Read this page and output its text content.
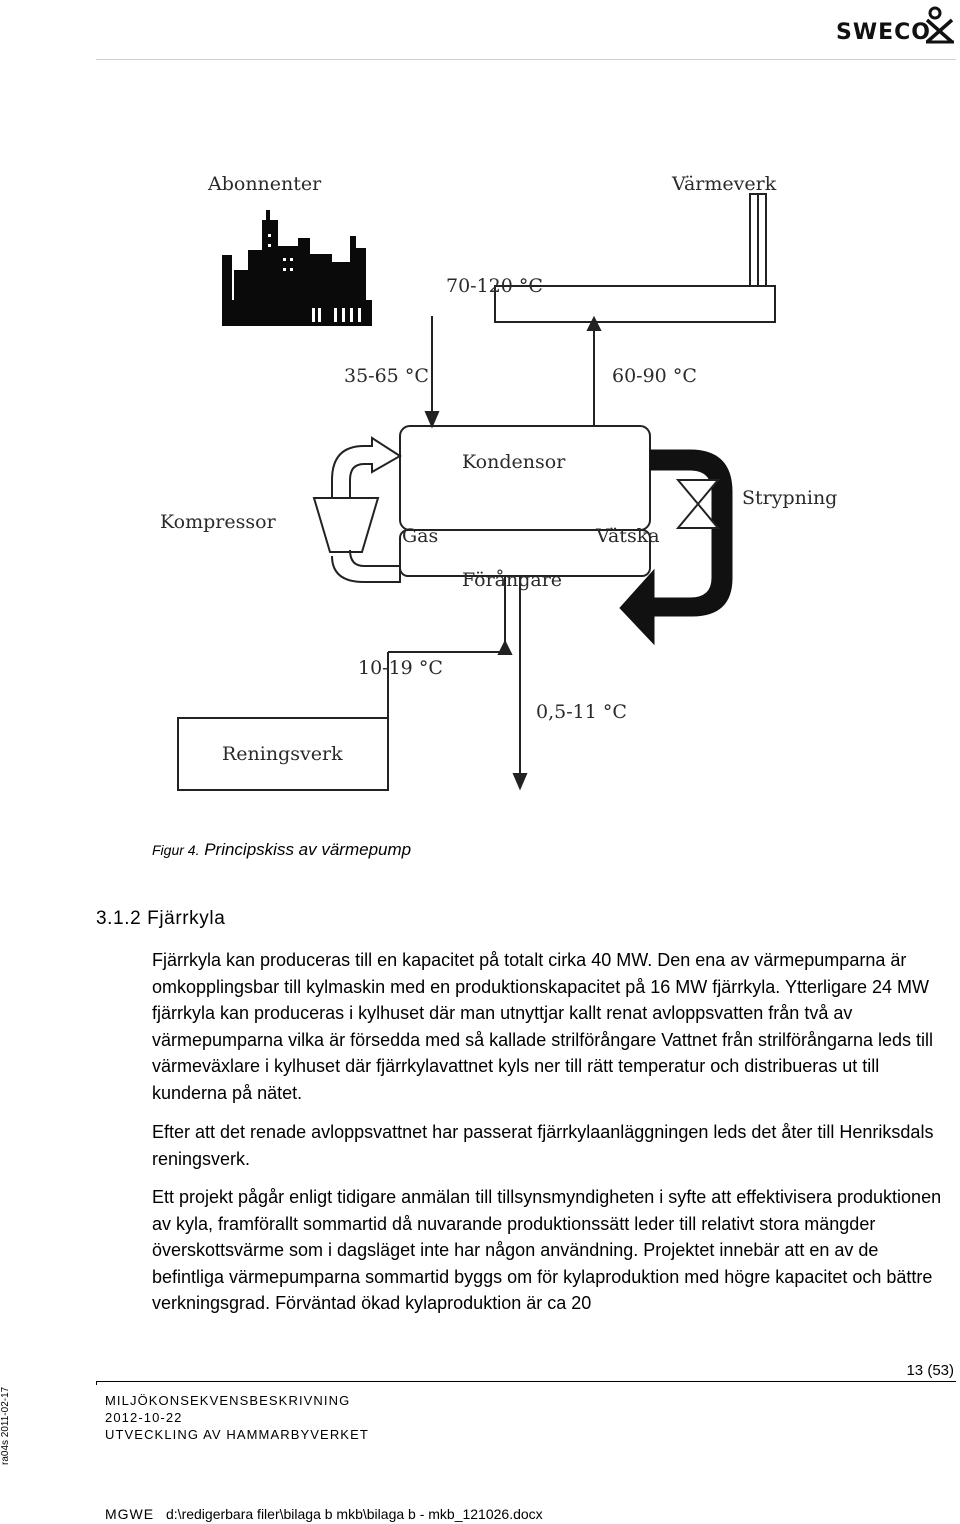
SWECO
Abonnenter	Värmeverk
70-120 °C
35-65 °C	60-90 °C
Kondensor
Strypning
Kompressor
Gas	Vätska
Förångare
10-19 °C
0,5-11 °C
Reningsverk
Figur 4. Principskiss av värmepump
3.1.2 Fjärrkyla

Fjärrkyla kan produceras till en kapacitet på totalt cirka 40 MW. Den ena av värmepumparna är omkopplingsbar till kylmaskin med en produktionskapacitet på 16 MW fjärrkyla. Ytterligare 24 MW fjärrkyla kan produceras i kylhuset där man utnyttjar kallt renat avloppsvatten från två av värmepumparna vilka är försedda med så kallade strilförångare Vattnet från strilförångarna leds till värmeväxlare i kylhuset där fjärrkylavattnet kyls ner till rätt temperatur och distribueras ut till kunderna på nätet.

Efter att det renade avloppsvattnet har passerat fjärrkylaanläggningen leds det åter till Henriksdals reningsverk.

Ett projekt pågår enligt tidigare anmälan till tillsynsmyndigheten i syfte att effektivisera produktionen av kyla, framförallt sommartid då nuvarande produktionssätt leder till relativt stora mängder överskottsvärme som i dagsläget inte har någon användning. Projektet innebär att en av de befintliga värmepumparna sommartid byggs om för kylaproduktion med högre kapacitet och bättre verkningsgrad. Förväntad ökad kylaproduktion är ca 20

13 (53)
MILJÖKONSEKVENSBESKRIVNING
2012-10-22
UTVECKLING AV HAMMARBYVERKET
ra04s 2011-02-17
MGWE d:\redigerbara filer\bilaga b mkb\bilaga b - mkb_121026.docx
